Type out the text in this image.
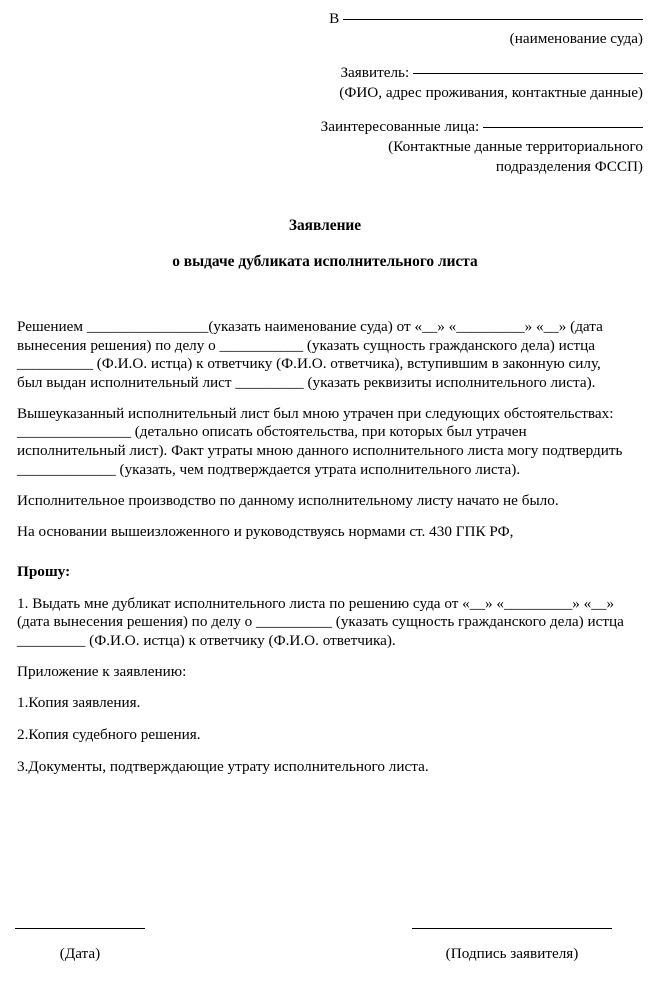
В
(наименование суда)
Заявитель:
(ФИО, адрес проживания, контактные данные)
Заинтересованные лица:
(Контактные данные территориального
подразделения ФССП)
Заявление
о выдаче дубликата исполнительного листа

Решением ________________(указать наименование суда) от «__» «_________» «__» (дата вынесения решения) по делу о ___________ (указать сущность гражданского дела) истца __________ (Ф.И.О. истца) к ответчику (Ф.И.О. ответчика), вступившим в законную силу, был выдан исполнительный лист _________ (указать реквизиты исполнительного листа).

Вышеуказанный исполнительный лист был мною утрачен при следующих обстоятельствах: _______________ (детально описать обстоятельства, при которых был утрачен исполнительный лист). Факт утраты мною данного исполнительного листа могу подтвердить _____________ (указать, чем подтверждается утрата исполнительного листа).

Исполнительное производство по данному исполнительному листу начато не было.

На основании вышеизложенного и руководствуясь нормами ст. 430 ГПК РФ,

Прошу:

1. Выдать мне дубликат исполнительного листа по решению суда от «__» «_________» «__» (дата вынесения решения) по делу о __________ (указать сущность гражданского дела) истца _________ (Ф.И.О. истца) к ответчику (Ф.И.О. ответчика).

Приложение к заявлению:

1.Копия заявления.

2.Копия судебного решения.

3.Документы, подтверждающие утрату исполнительного листа.

(Дата)	(Подпись заявителя)
